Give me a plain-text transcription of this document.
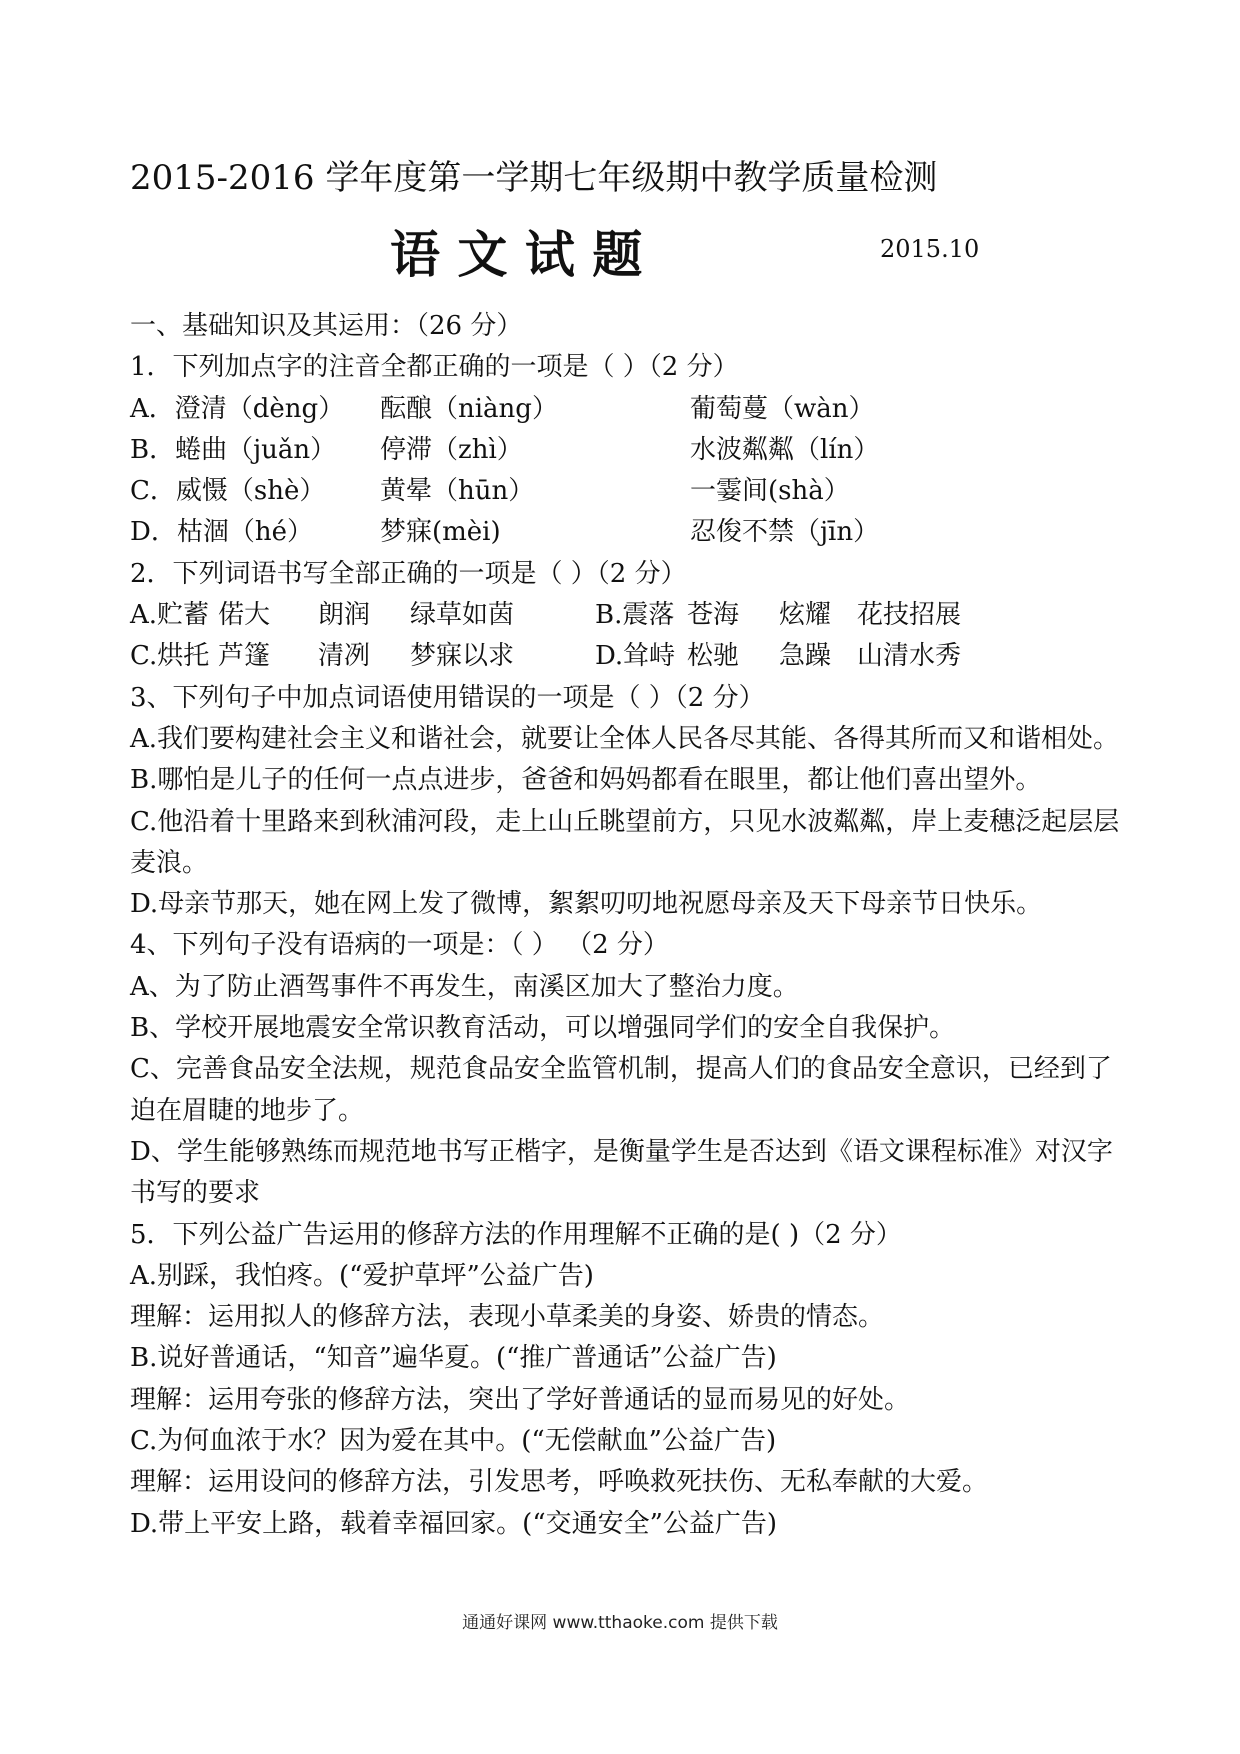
2015-2016 学年度第一学期七年级期中教学质量检测
语 文 试 题	2015.10
一、基础知识及其运用：（26 分）
1．下列加点字的注音全都正确的一项是（ ）（2 分）
A．澄清（dèng） 酝酿（niàng）	葡萄蔓（wàn）
B．蜷曲（juǎn） 停滞（zhì）	水波粼粼（lín）
C．威慑（shè） 黄晕（hūn）	一霎间(shà）
D．枯涸（hé）	梦寐(mèi)	忍俊不禁（jīn）
2．下列词语书写全部正确的一项是（ ）（2 分）
A.贮蓄 偌大 朗润 绿草如茵	B.震落 苍海 炫耀 花技招展
C.烘托 芦篷 清冽 梦寐以求	D.耸峙 松驰 急躁 山清水秀
3、下列句子中加点词语使用错误的一项是（ ）（2 分）
A.我们要构建社会主义和谐社会，就要让全体人民各尽其能、各得其所而又和谐相处。
B.哪怕是儿子的任何一点点进步，爸爸和妈妈都看在眼里，都让他们喜出望外。
C.他沿着十里路来到秋浦河段，走上山丘眺望前方，只见水波粼粼，岸上麦穗泛起层层麦浪。
D.母亲节那天，她在网上发了微博，絮絮叨叨地祝愿母亲及天下母亲节日快乐。
4、下列句子没有语病的一项是：（ ） （2 分）
A、为了防止酒驾事件不再发生，南溪区加大了整治力度。
B、学校开展地震安全常识教育活动，可以增强同学们的安全自我保护。
C、完善食品安全法规，规范食品安全监管机制，提高人们的食品安全意识，已经到了迫在眉睫的地步了。
D、学生能够熟练而规范地书写正楷字，是衡量学生是否达到《语文课程标准》对汉字书写的要求
5．下列公益广告运用的修辞方法的作用理解不正确的是( )（2 分）
A.别踩，我怕疼。(“爱护草坪”公益广告)
理解：运用拟人的修辞方法，表现小草柔美的身姿、娇贵的情态。
B.说好普通话，“知音”遍华夏。(“推广普通话”公益广告)
理解：运用夸张的修辞方法，突出了学好普通话的显而易见的好处。
C.为何血浓于水？因为爱在其中。(“无偿献血”公益广告)
理解：运用设问的修辞方法，引发思考，呼唤救死扶伤、无私奉献的大爱。
D.带上平安上路，载着幸福回家。(“交通安全”公益广告)
通通好课网 www.tthaoke.com 提供下载
